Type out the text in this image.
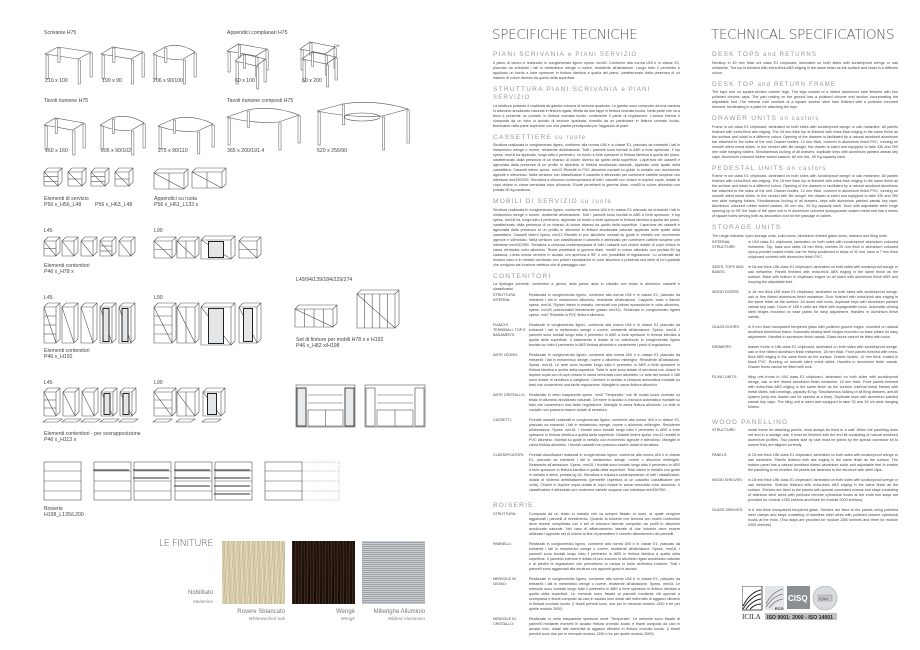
Scrivanie H75
210 x 100	190 x 90	206 x 90/100
Appendici complanari H75
60 x 100	60 x 200
DX
Tavoli riunione H75
160 x 160	206 x 90/102	275 x 90/110
Tavoli riunione composti H75
365 x 200/191.4	520 x 256/90
Elementi di servizio
P56 x_H56_L48	P56 x_H63_L48
Appendici su ruota
P56 x_H61_L133 x
L45	L90
Elementi contenitori
P46 x_H78 x
L45	L90
Elementi contenitori
P46 x_H192
L49/94/139/184/229/274
Set di finiture per mobili H78 x e H192
P46 x_H82 x/H198
L45	L90
Elementi contenitori - per sovrapposizione
P46 x_H113 x
Boiserie
H198_L135/L200
LE FINITURE
Nobilitato
Melamine
Rovere Sbiancato
Whitewashed oak
Wengè
Wengè
Millerighe Alluminio
Ribbed Aluminium
SPECIFICHE TECNICHE
PIANI SCRIVANIA e PIANI SERVIZIO
Il piano di lavoro è realizzato in conglomerato ligneo spess. mm40. Conforme alla norma UNI e in classe E1, placcato da entrambi i lati in melaminico wengè o rovere, resistente all'abrasione. Lungo tutto il perimetro è applicato un bordo a forte spessore in finitura identica a quella del piano, caratterizzato dalla presenza di un intarsio di colore diverso da quello della superficie.
STRUTTURA PIANI SCRIVANIA e PIANI SERVIZIO
La struttura portante è costituita da gambe colonna di sezione quadrata. Le gambe sono composte da una camicia in alluminio anodizzato naturale in finitura rigata, rifinita da due tappi in finitura cromata lucido. Nella parte che va a terra è presente un puntale, in finitura cromata lucido, contenente il piede di regolazione. L'anima interna è composta da un tubo in acciaio di sezione quadrata, rivestito da un particolare in finitura cromato lucido, terminante nella parte superiore con una piastra predisposta per l'aggancio ai piani.
CASSETTIERE su ruote
Struttura realizzata in conglomerato ligneo, conforme alla norma UNI e in classe E1, placcato da entrambi i lati in melaminico wengè o rovere, resistente all'abrasione. Tutti i pannelli sono bordati in ABS a forte spessore. Il top spess. mm18 ha applicato, lungo tutto il perimetro, un bordo a forte spessore in finitura identica a quella del piano, caratterizzato dalla presenza di un intarsio di colore diverso da quello della superficie. L'apertura dei cassetti è agevolata dalla presenza di un profilo in alluminio in finitura anodizzata naturale, applicato sulle spalle della cassettiera. Cassetti interni spess. mm12 Rivestiti in PVC alluminio montati su guide in metallo con movimento agevole e silenzioso. Nella versione con classificatore il cassetto è attrezzato per contenere cartelle sospese con interasse mm330/390. Serratura a chiusura contemporanea di tutti i cassetti con chiave in duplice copia, dotate di copri chiave in zama verniciata color alluminio. Ruote piroettanti in gomma diam. mm60 in colore alluminio con portata 50 kg cadauna.
MOBILI DI SERVIZIO su ruote
Struttura realizzata in conglomerato ligneo, conforme alla norma UNI e in classe E1 placcato da entrambi i lati in melaminico wengè o rovere, resistente all'abrasione. Tutti i pannelli sono bordati in ABS a forte spessore. Il top spess. mm18 ha, lungo tutto il perimetro, applicato un bordo a forte spessore in finitura identica a quella del piano, caratterizzato dalla presenza di un intarsio di colore diverso da quello della superficie. L'apertura dei cassetti è agevolata dalla presenza di un profilo in alluminio in finitura anodizzata naturale applicato sulle spalle della cassettiera. Cassetti interni spess. mm12 Rivestiti in pvc alluminio montati su guide in metallo con movimento agevole e silenzioso. Nella versione con classificatore il cassetto è attrezzato per contenere cartelle sospese con interasse mm330/390. Serratura a chiusura contemporanea di tutti i cassetti con chiave dotate di copri chiave in zama verniciata color alluminio. Ruote piroettanti in gomma diam. mm60 in colore alluminio con portata 50 kg cadauna. L'anta monta cerniere in acciaio con apertura a 95° e con possibilità di regolazione. Lo schienale del modulo vano è in metallo verniciato con polveri epossidiche in color alluminio e presenta una serie di fori quadrati che svolgono sia funzione estetica che di passaggio cavi.
CONTENITORI
La tipologia prevede: contenitori a giorno, anta piena, anta in cristallo con telaio in alluminio, cassetti e classificatori.
STRUTTURA INTERNA:
Realizzata in conglomerato ligneo, conforme alla norma UNI e in classe E1, placcato da entrambi i lati in melaminico alluminio, resistente all'abrasione. Cappello, base e fianchi spess. mm18. Ripiani interni in metallo, verniciati con polveri epossidiche in color alluminio, spess. mm25 posizionabili liberamente (passo mm32). Schienale in conglomerato ligneo spess. mm7 Rivestito in PVC finitura alluminio.
FIANCHI, TERMINALI, TOP E BASAMENTI:
Realizzati in conglomerato ligneo, conforme alla norma UNI e in classe E1 placcato da entrambi i lati in melaminico wengè o rovere, resistente all'abrasione. Spess. mm18. I pannelli sono bordati lungo tutto il perimetro in ABS a forte spessore in finitura identica a quella della superficie. Il basamento è dotato di un sottofondo in conglomerato ligneo bordato su tutto il perimetro in ABS finitura alluminio e contenente i piedi di regolazione.
ANTE LEGNO:	Realizzate in conglomerato ligneo, conforme alla norma UNI e in classe E1 placcato da entrambi i lati in melaminico wengè, rovere o alluminio millerighe. Resistente all'abrasione. Spess. mm18. Le ante sono bordate lungo tutto il perimetro in ABS a forte spessore in finitura identica a quella della superficie. Tutte le ante sono dotate di serratura con chiave in duplice copia con di copri chiave in zama verniciata color alluminio. Le ante dei moduli h 185 sono dotate di serratura a cariglione. Cerniere in acciaio a chiusura automatica montate su basi che consentono una facile regolazione. Maniglie in zama finitura alluminio.
ANTE CRISTALLO:	Realizzate in vetro trasparente spess. mm5 "Temperato" con fili molati lucidi, montate su telaio in alluminio anodizzato naturale. Cerniere in acciaio a chiusura automatica montate su basi che consentono una facile regolazione. Maniglie in zama finitura alluminio. Le ante in cristallo non possono essere dotate di serratura.
CASSETTI:	Frontali cassetti realizzati in conglomerato ligneo, conforme alla norma UNI e in classe E1, placcato da entrambi i lati in melaminico wengè, rovere o alluminio millerighe. Resistente all'abrasione. Spess. mm18. I frontali sono bordati lungo tutto il perimetro in ABS a forte spessore in finitura identica a quella della superficie. Cassetti interni spess. mm12 rivestiti in PVC alluminio. Montati su guide in metallo con movimento agevole e silenzioso. Maniglie in zama finitura alluminio. I frontali cassetti non possono essere dotati di serratura.
CLASSIFICATORI:	Frontali classificatori realizzati in conglomerato ligneo, conforme alla norma UNI e in classe E1, placcato da entrambi i lati in melaminico wengè, rovere o alluminio millerighe. Resistente all'abrasione. Spess. mm18. I frontali sono bordati lungo tutto il perimetro in ABS a forte spessore in finitura identica a quella della superficie. Telai interni in metallo con guide in metallo a sfera, portata kg 40. Serratura a chiusura contemporanea di tutti i classificatori, dotata di sistema antiribaltamento (permette l'apertura di un cassetto classificatore per volta). Chiave in duplice copia dotata di copri chiave in zama verniciata color alluminio. Il classificatore è attrezzato per contenere cartelle sospese con interasse mm330/390.
BOISERIE
STRUTTURA:	Composta da un telaio in metallo che va sempre fissato al muro, al quale vengono agganciati i pannelli di rivestimento. Quando la boiserie non termina con mobili contenitori deve essere completata con il set di chiusura laterale composto da profili in alluminio anodizzato naturale. Nel caso di affiancamento laterale di due boiserie deve essere utilizzato l'apposito set di unione al fine di permettere il corretto allineamento dei pannelli.
PANNELLI:	Realizzati in conglomerato ligneo, conforme alla norma UNI e in classe E1, placcato da entrambi i lati in melaminico wengè o rovere, resistente all'abrasione. Spess. mm18. I pannelli sono bordati lungo tutto il perimetro in ABS in finitura identica a quella della superficie. Il pannello inferiore è dotato di uno zoccolo in alluminio rigato anodizzato naturale e di piedini di regolazione che permettono la messa in bolla dell'intera boiserie. Tutti i pannelli sono agganciati alla struttura con appositi ganci in acciaio.
MENSOLE IN LEGNO:
Realizzate in conglomerato ligneo, conforme alla norma UNI e in classe E1, placcato da entrambi i lati in melaminico wengè o rovere, resistente all'abrasione. Spess. mm18. Le mensole sono bordate lungo tutto il perimetro in ABS a forte spessore in finitura identica a quella della superficie. Le mensole sono fissate ai pannelli mediante viti speciali a scomparsa e tiranti composti da cavi in acciaio inox dotati alle estremità di agganci cilindrici in finitura cromato lucido. (I tiranti previsti sono, due per le mensole modulo 1350 e tre per quelle modulo 2000)
MENSOLE IN CRISTALLO:
Realizzate in vetro trasparente spessore mm8 "Temperato". Le mensole sono fissate ai pannelli mediante morsetti in acciaio finitura cromato lucido e tiranti composti da cavi in acciaio inox, dotati alle estremità di agganci cilindrici in finitura cromato lucido. (I tiranti previsti sono due per le mensole modulo 1350 e tre per quelle modulo 2000)
TECHNICAL SPECIFICATIONS
DESK TOPS and RETURNS
Worktop in 40 mm thick uni class E1 chipboard, laminated on both sides with scratchproof wenge or oak melamine. The top is finished with extra-thick ABS edging in the same finish as the surface and inlaid in a different colour.
DESK TOP and RETURN FRAME
The tops rest on square-section column legs. The legs consist of a ribbed aluminium tube finished with two polished chrome caps. The part resting on the ground has a polished chrome end section incorporating the adjustable foot. The internal core consists of a square section steel tube finished with a polished chromed element, terminating in a plate for attaching the tops.
DRAWER UNITS on castors
Frame in uni class E1 chipboard, laminated on both sides with scratchproof wenge or oak melamine. All panels finished with extra-thick abs edging. The 18 mm thick top is finished with extra-thick edging in the same finish as the surface and inlaid in a different colour. Opening of the drawers is facilitated by a natural anodised aluminium bar attached to the sides of the unit. Drawer bodies, 12 mm thick, covered in aluminium finish PVC, running on smooth silent metal slides. In the version with file hanger, the drawer is sized and equipped to take 330 and 390 mm wide hanging folders. Simultaneous locking of all drawers, duplicate keys with aluminium painted zamak key caps. Aluminium coloured rubber swivel castors, 60 mm dia., 50 Kg capacity each.
PEDESTAL UNITS on castors
Frame in uni class E1 chipboard, laminated on both sides with scratchproof wenge or oak melamine. All panels finished with extra-thick abs edging. The 18 mm thick top is finished with extra-thick edging in the same finish as the surface and inlaid in a different colour. Opening of the drawers is facilitated by a natural anodised aluminium bar attached to the sides of the unit. Drawer bodies, 12 mm thick, covered in aluminium finish PVC, running on smooth silent metal slides. In the version with file hanger, the drawer is sized and equipped to take 330 and 390 mm wide hanging folders. Simultaneous locking of all drawers, keys with aluminium painted zamak key caps. Aluminium coloured rubber swivel castors, 60 mm dia., 50 Kg capacity each. Door with adjustable steel hinge opening up to 95° the back of the open unit is in aluminium coloured epoxypowder coated metal and has a series of square holes serving both as decoration and for the passage of cables.
STORAGE UNITS
The range includes: open storage units, solid doors, aluminium framed glass doors, drawers and filing units.
INTERNAL STRUCTURE:
in UNI class E1 chipboard, laminated on both sides with scratchproof aluminium coloured melamine. Top, base and sides 18 mm thick; shelves 25 mm thick in aluminium coloured epoxy-powder coated metal, can be freely positioned in steps of 32 mm; back in 7 mm thick chipboard covered with aluminium finish PVC.
SIDES, TOPS AND BASES:
in 18 mm thick UNI class E1 chipboard, laminated on both sides with scratchproof wenge or oak melamine. Panels finished with extra-thick ABS edging in the same finish as the surface. Base with bottom in chipboard edged on all sides with aluminium finish ABS and housing the adjustable feet.
WOOD DOORS:	in 18 mm thick UNI class E1 chipboard, laminated on both sides with scratchproof wenge, oak or fine ribbed aluminium finish melamine. Door finished with extra-thick abs edging in the same finish as the surface. All doors with locks, duplicate keys with aluminium painted zamak key caps. Doors of 185 h units are fitted with espagnolette locks. Automatic closing steel hinges mounted on base plates for easy adjustment. Handles in aluminium finish zamak.
GLASS DOORS:	in 5 mm thick transparent tempered glass with polished ground edges, mounted on natural anodised aluminium frame. Automatic closing steel hinges mounted on base plates for easy adjustment. Handles in aluminium finish zamak. Glass doors cannot be fitted with locks.
DRAWERS:	drawer fronts in UNI class E1 chipboard, laminated on both sides with scratchproof wenge, oak or fine ribbed aluminium finish melamine, 18 mm thick. Front panels finished with extra-thick ABS edging in the same finish as the surface. Drawer bodies, 12 mm thick, coated in black PVC. Running on smooth silent metal slides. Handles in aluminium finish zamak. Drawer fronts cannot be fitted with lock.
FILING UNITS:	filing unit fronts in UNI class E1 chipboard, laminated on both sides with scratchproof wenge, oak or fine ribbed aluminium finish melamine, 18 mm thick. Front panels finished with extra-thick ABS edging in the same finish as the surface. Internal metal frames with metal slides, ball-bearings, capacity 40 kg. Simultaneous locking of all filing drawers, anti-tilt system (only one drawer can be opened at a time). Duplicate keys with aluminium painted zamak key caps. The filing unit is sized and equipped to take 33 and 39 cm wide hanging folders.
WOOD PANELLING
STRUCTURE:	metal frame for attaching panels, must always be fixed to a wall. When the panelling does not end in a storage unit, it must be finished with the end kit consisting of natural anodised aluminium profiles. Two panels side by side must be joined by the special connector kit to ensure they are aligned correctly.
PANELS:	in 18 mm thick UNI class E1 chipboard, laminated on both sides with scratchproof wenge or oak melamine. Panels finished with abs edging in the same finish as the surface. The bottom panel has a natural anodised ribbed aluminium socle and adjustable feet to enable the panelling to be levelled. All panels are fastened to the structure with steel clips.
WOOD SHELVES:	in 18 mm thick UNI class E1 chipboard, laminated on both sides with scratchproof wenge or oak melamine. Shelves finished with extra-thick ABS edging in the same finish as the surface. Shelves are fixed to the panels with special concealed screws and stays consisting of stainless steel wires with polished chrome cylindrical hooks at the ends two stays are provided for module 1350 shelves and three for module 2000 shelves).
GLASS SHELVES:	in 8 mm thick transparent tempered glass. Shelves are fixed to the panels using polished steel clamps and stays consisting of stainless steel wires with polished chrome cylindrical hooks at the ends. (Two stays are provided for module 1350 shelves and three for module 2000 shelves)
ICILA
ECO
CISQ	IQNet
ISO 9001: 2000 - ISO 14001
